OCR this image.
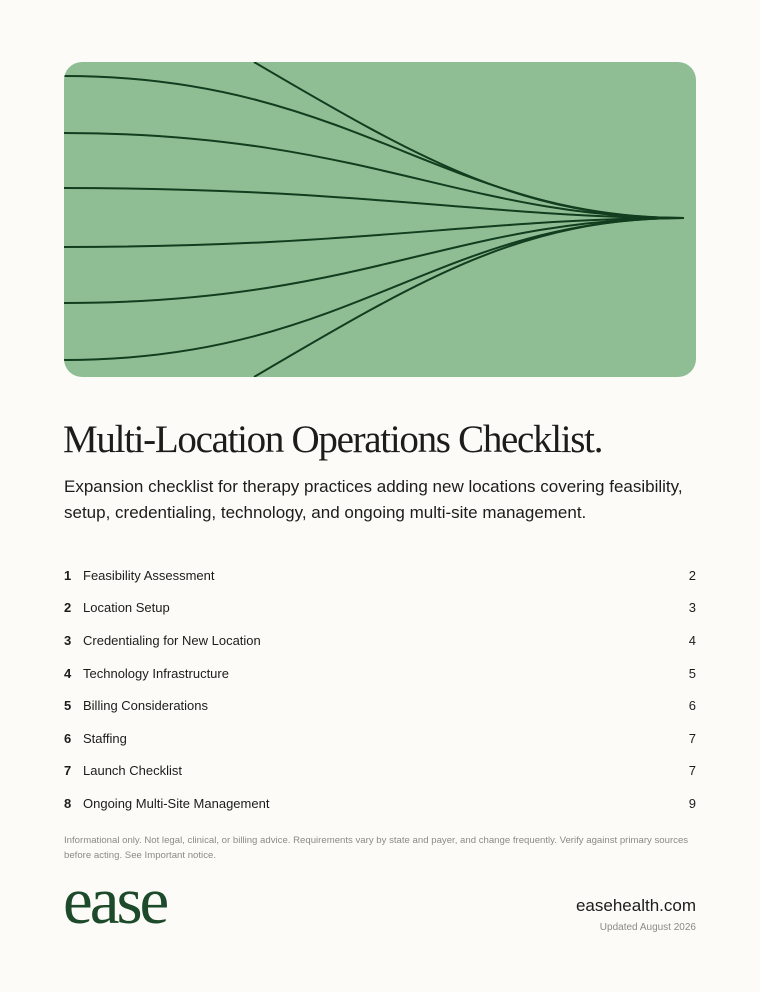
Multi-Location Operations Checklist.

Expansion checklist for therapy practices adding new locations covering feasibility, setup, credentialing, technology, and ongoing multi-site management.

1 Feasibility Assessment	2
2 Location Setup	3
3 Credentialing for New Location	4
4 Technology Infrastructure	5
5 Billing Considerations	6
6 Staffing	7
7 Launch Checklist	7
8 Ongoing Multi-Site Management	9

Informational only. Not legal, clinical, or billing advice. Requirements vary by state and payer, and change frequently. Verify against primary sources before acting. See Important notice.

ease	easehealth.com
Updated August 2026
